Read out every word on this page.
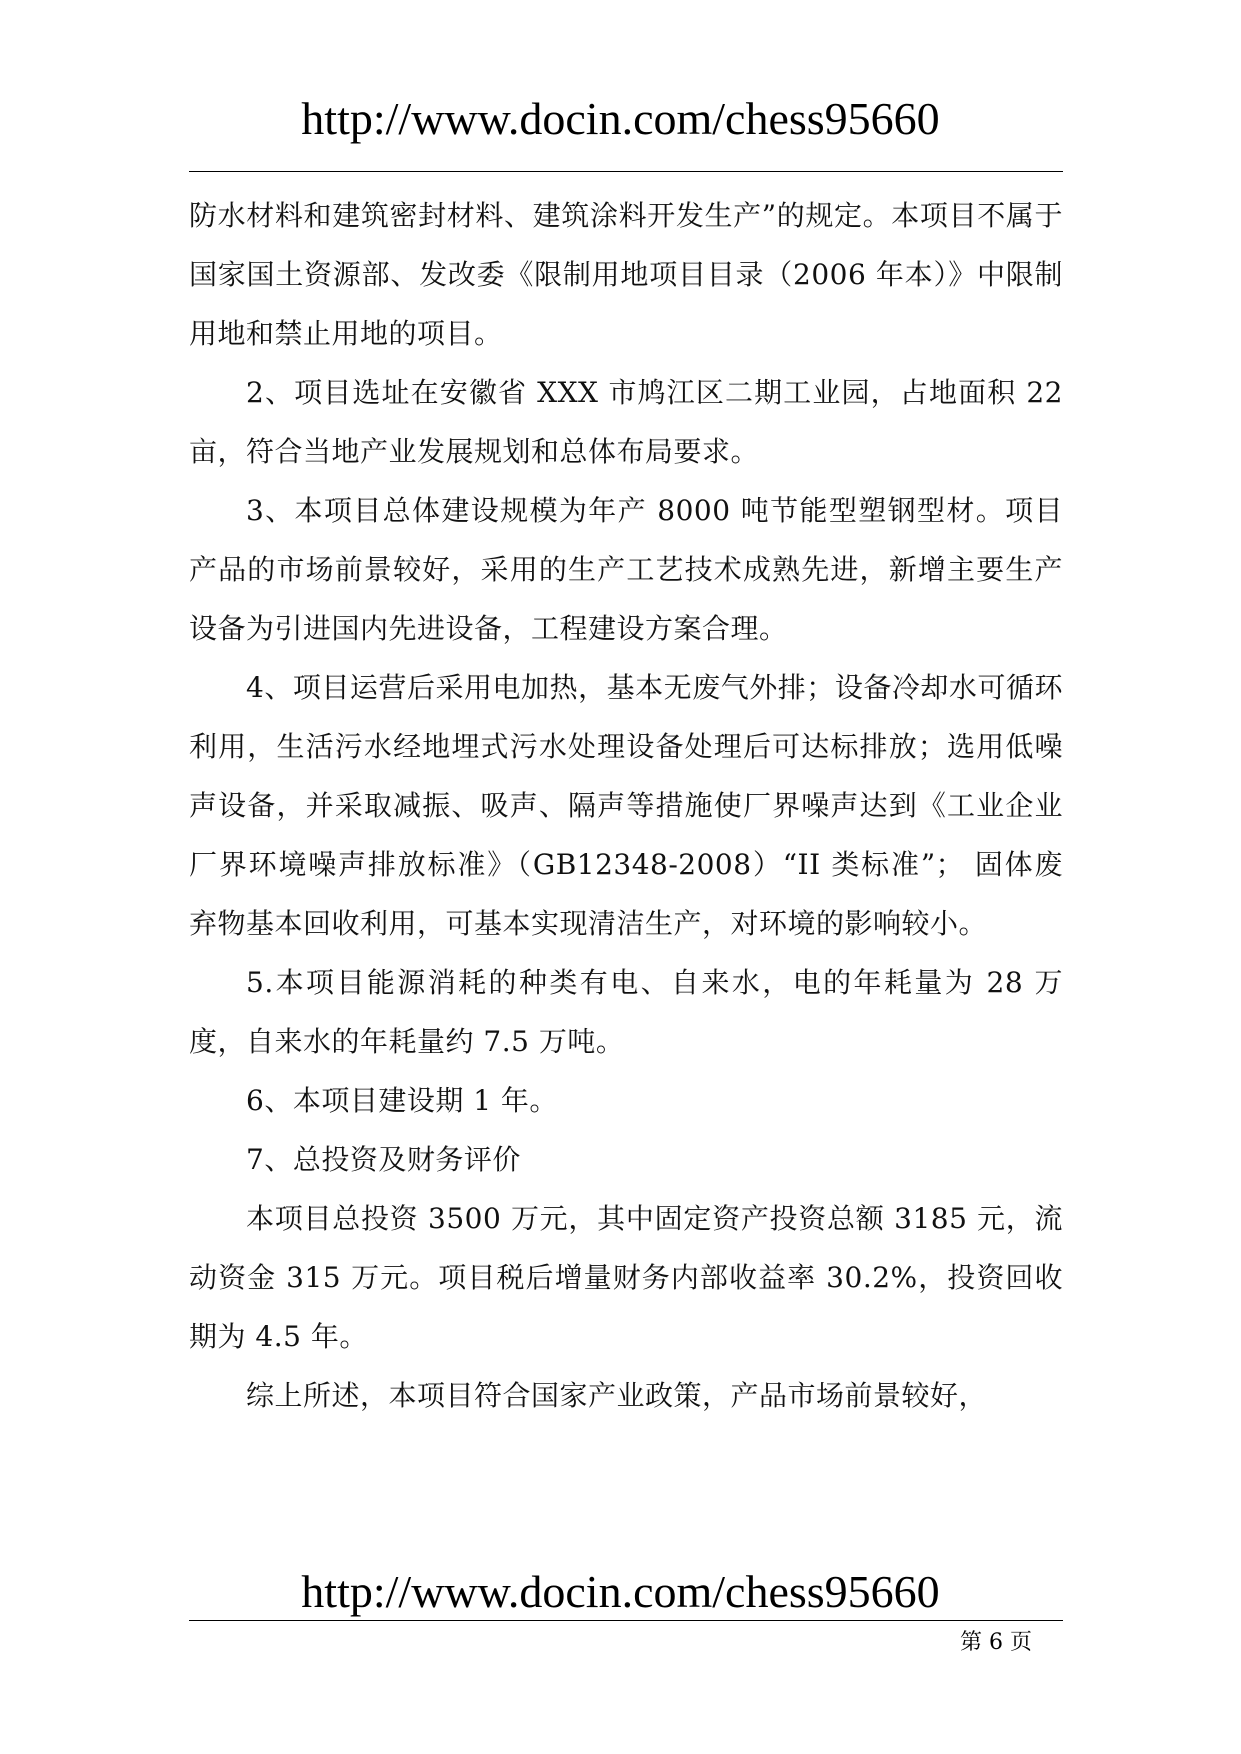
http://www.docin.com/chess95660

防水材料和建筑密封材料、建筑涂料开发生产”的规定。本项目不属于国家国土资源部、发改委《限制用地项目目录（2006 年本）》中限制用地和禁止用地的项目。

2、项目选址在安徽省 XXX 市鸠江区二期工业园，占地面积 22 亩，符合当地产业发展规划和总体布局要求。

3、本项目总体建设规模为年产 8000 吨节能型塑钢型材。项目产品的市场前景较好，采用的生产工艺技术成熟先进，新增主要生产设备为引进国内先进设备，工程建设方案合理。

4、项目运营后采用电加热，基本无废气外排；设备冷却水可循环利用，生活污水经地埋式污水处理设备处理后可达标排放；选用低噪声设备，并采取减振、吸声、隔声等措施使厂界噪声达到《工业企业厂界环境噪声排放标准》（GB12348-2008）“II 类标准”； 固体废弃物基本回收利用，可基本实现清洁生产，对环境的影响较小。

5.本项目能源消耗的种类有电、自来水，电的年耗量为 28 万度，自来水的年耗量约 7.5 万吨。

6、本项目建设期 1 年。

7、总投资及财务评价

本项目总投资 3500 万元，其中固定资产投资总额 3185 元，流动资金 315 万元。项目税后增量财务内部收益率 30.2%，投资回收期为 4.5 年。

综上所述，本项目符合国家产业政策，产品市场前景较好，

http://www.docin.com/chess95660
第 6 页
